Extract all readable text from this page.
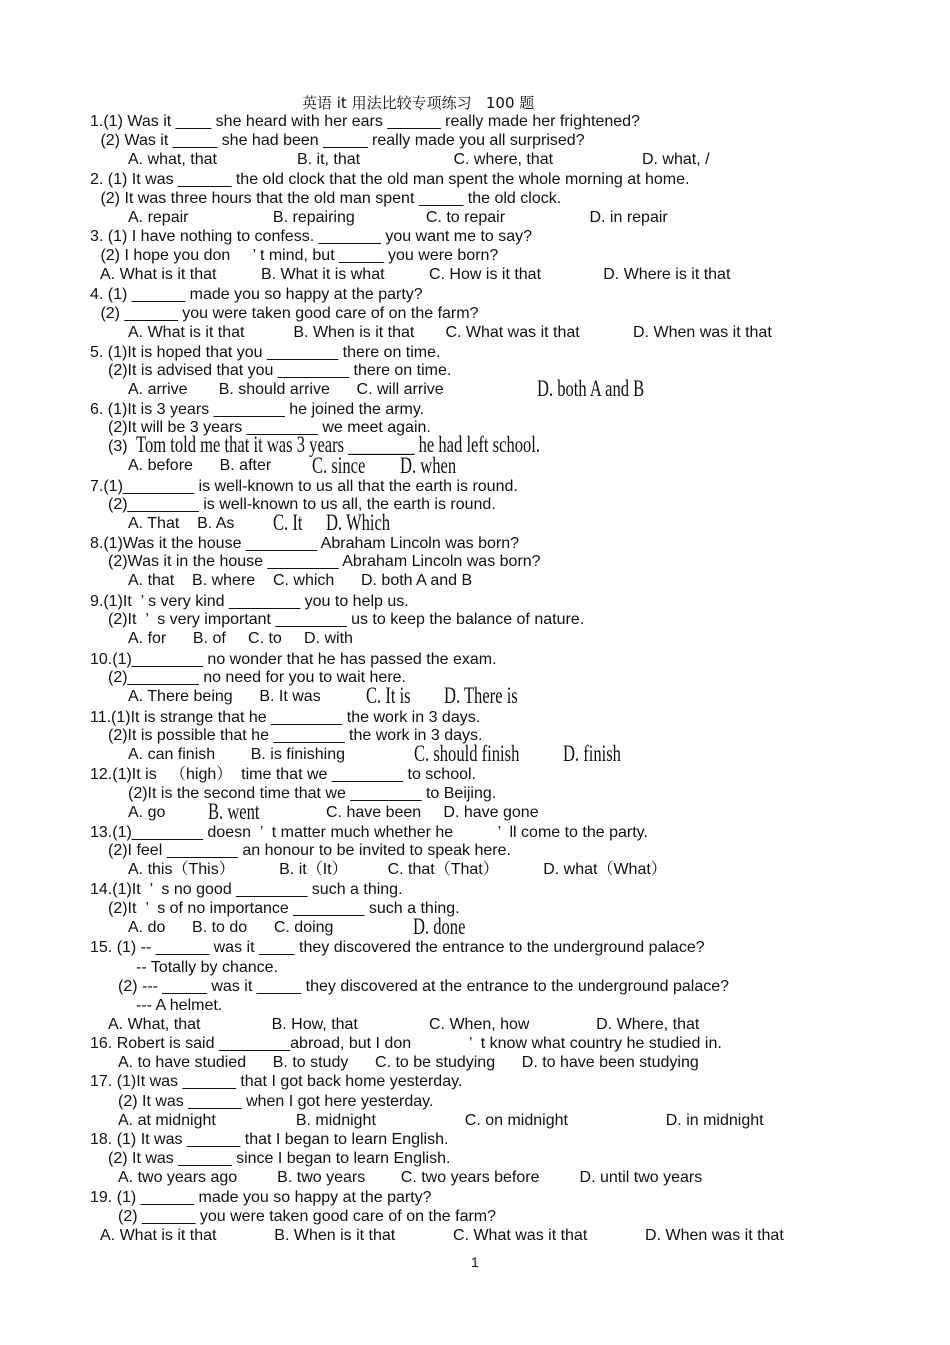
英语 it 用法比较专项练习   100 题
1.(1) Was it ____ she heard with her ears ______ really made her frightened?
(2) Was it _____ she had been _____ really made you all surprised?
A. what, that                  B. it, that                     C. where, that                    D. what, /
2. (1) It was ______ the old clock that the old man spent the whole morning at home.
(2) It was three hours that the old man spent _____ the old clock.
A. repair                   B. repairing                C. to repair                   D. in repair
3. (1) I have nothing to confess. _______ you want me to say?
(2) I hope you don     ’ t mind, but _____ you were born?
A. What is it that          B. What it is what          C. How is it that              D. Where is it that
4. (1) ______ made you so happy at the party?
(2) ______ you were taken good care of on the farm?
A. What is it that           B. When is it that       C. What was it that            D. When was it that
5. (1)It is hoped that you ________ there on time.
(2)It is advised that you ________ there on time.
A. arrive       B. should arrive      C. will arrive	D. both A and B
6. (1)It is 3 years ________ he joined the army.
(2)It will be 3 years ________ we meet again.
(3) Tom told me that it was 3 years ________ he had left school.
A. before      B. after C. since D. when
7.(1)________ is well-known to us all that the earth is round.
(2)________ is well-known to us all, the earth is round.
A. That    B. As C. It D. Which
8.(1)Was it the house ________ Abraham Lincoln was born?
(2)Was it in the house ________ Abraham Lincoln was born?
A. that    B. where    C. which      D. both A and B
9.(1)It  ’ s very kind ________ you to help us.
(2)It  ’  s very important ________ us to keep the balance of nature.
A. for      B. of     C. to     D. with
10.(1)________ no wonder that he has passed the exam.
(2)________ no need for you to wait here.
A. There being      B. It was C. It is D. There is
11.(1)It is strange that he ________ the work in 3 days.
(2)It is possible that he ________ the work in 3 days.
A. can finish        B. is finishing	C. should finish D. finish
12.(1)It is   （high）  time that we ________ to school.
(2)It is the second time that we ________ to Beijing.
A. go B. went	C. have been     D. have gone
13.(1)________ doesn  ’  t matter much whether he          ’  ll come to the party.
(2)I feel ________ an honour to be invited to speak here.
A. this（This）          B. it（It）         C. that（That）          D. what（What）
14.(1)It  ’  s no good ________ such a thing.
(2)It  ’  s of no importance ________ such a thing.
A. do      B. to do      C. doing	D. done
15. (1) -- ______ was it ____ they discovered the entrance to the underground palace?
-- Totally by chance.
(2) --- _____ was it _____ they discovered at the entrance to the underground palace?
--- A helmet.
A. What, that                B. How, that                C. When, how               D. Where, that
16. Robert is said ________abroad, but I don             ’  t know what country he studied in.
A. to have studied      B. to study      C. to be studying      D. to have been studying
17. (1)It was ______ that I got back home yesterday.
(2) It was ______ when I got here yesterday.
A. at midnight                  B. midnight                    C. on midnight                      D. in midnight
18. (1) It was ______ that I began to learn English.
(2) It was ______ since I began to learn English.
A. two years ago         B. two years        C. two years before         D. until two years
19. (1) ______ made you so happy at the party?
(2) ______ you were taken good care of on the farm?
A. What is it that             B. When is it that             C. What was it that             D. When was it that
1
